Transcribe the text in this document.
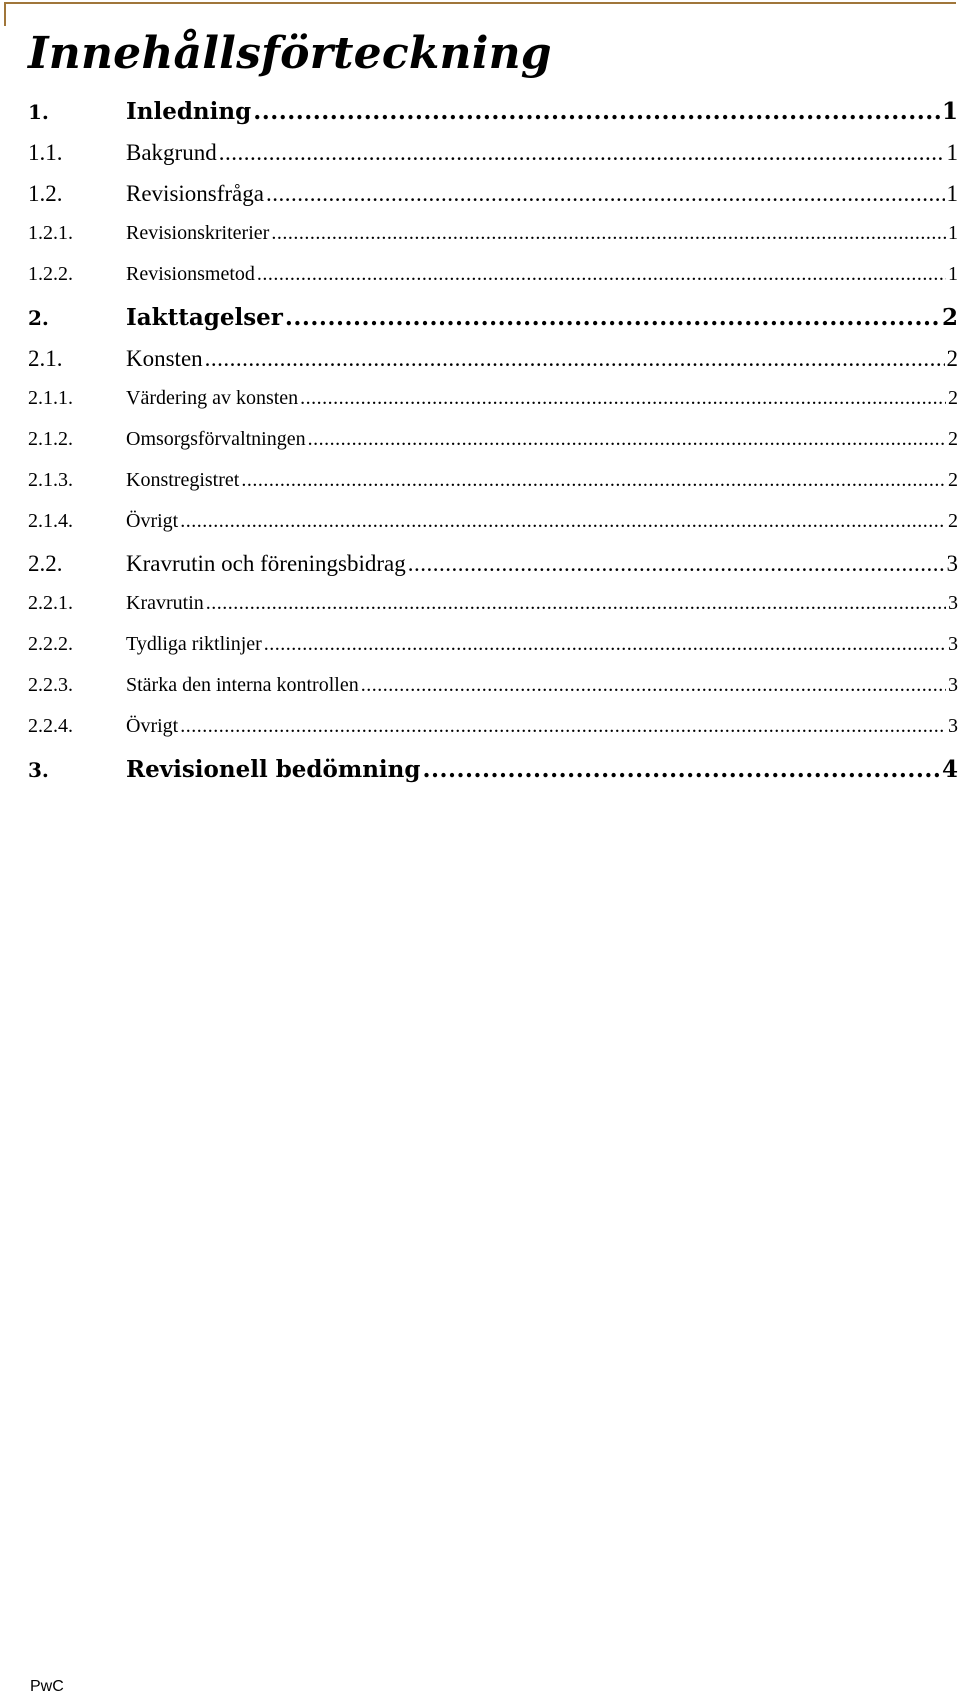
Innehållsförteckning
1.	Inledning .....	1
1.1.	Bakgrund .....	1
1.2.	Revisionsfråga .....	1
1.2.1.	Revisionskriterier .....	1
1.2.2.	Revisionsmetod .....	1
2.	Iakttagelser .....	2
2.1.	Konsten .....	2
2.1.1.	Värdering av konsten .....	2
2.1.2.	Omsorgsförvaltningen .....	2
2.1.3.	Konstregistret .....	2
2.1.4.	Övrigt .....	2
2.2.	Kravrutin och föreningsbidrag .....	3
2.2.1.	Kravrutin .....	3
2.2.2.	Tydliga riktlinjer .....	3
2.2.3.	Stärka den interna kontrollen .....	3
2.2.4.	Övrigt .....	3
3.	Revisionell bedömning .....	4
PwC
